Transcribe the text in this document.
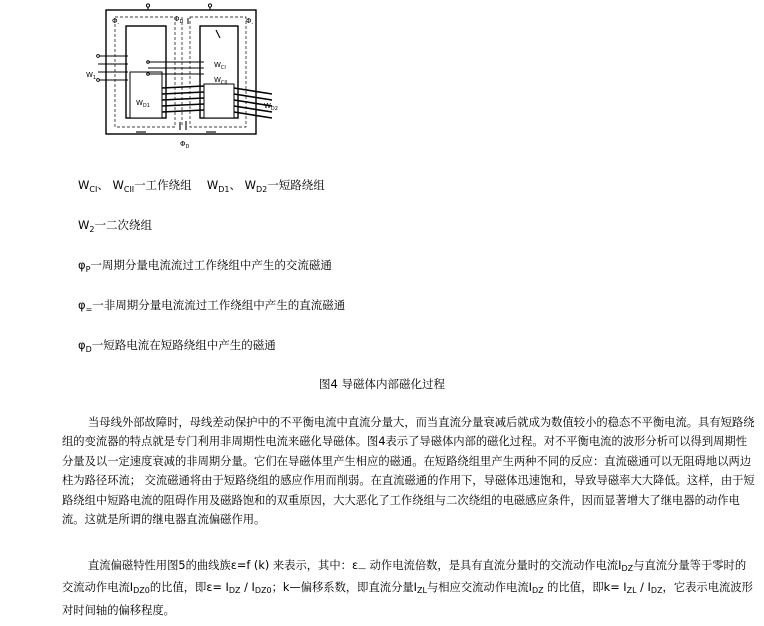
$\Phi_-$
$\Phi_D$	$\Phi_-$
$W_1$
$W_{CI}$
$W_{CII}$
$W_{D1}$	$W_{D2}$
$\Phi_D$
$W_{CI}$、 $W_{CII}$一工作绕组　 $W_{D1}$、 $W_{D2}$一短路绕组
$W_2$一二次绕组
$\varphi_P$一周期分量电流流过工作绕组中产生的交流磁通
$\varphi_=$一非周期分量电流流过工作绕组中产生的直流磁通
$\varphi_D$一短路电流在短路绕组中产生的磁通
图4 导磁体内部磁化过程
当母线外部故障时，母线差动保护中的不平衡电流中直流分量大，而当直流分量衰减后就成为数值较小的稳态不平衡电流。具有短路绕组的变流器的特点就是专门利用非周期性电流来磁化导磁体。图4表示了导磁体内部的磁化过程。对不平衡电流的波形分析可以得到周期性分量及以一定速度衰减的非周期分量。它们在导磁体里产生相应的磁通。在短路绕组里产生两种不同的反应：直流磁通可以无阻碍地以两边柱为路径环流； 交流磁通将由于短路绕组的感应作用而削弱。在直流磁通的作用下，导磁体迅速饱和，导致导磁率大大降低。这样，由于短路绕组中短路电流的阻碍作用及磁路饱和的双重原因，大大恶化了工作绕组与二次绕组的电磁感应条件，因而显著增大了继电器的动作电流。这就是所谓的继电器直流偏磁作用。
直流偏磁特性用图5的曲线族ε=f (k) 来表示，其中：$\varepsilon_—$ 动作电流倍数，是具有直流分量时的交流动作电流$I_{DZ}$与直流分量等于零时的交流动作电流$I_{DZ0}$的比值，即$\varepsilon= I_{DZ} / I_{DZ0}$；k—偏移系数，即直流分量$I_{ZL}$与相应交流动作电流$I_{DZ}$ 的比值，即$k= I_{ZL} / I_{DZ}$，它表示电流波形对时间轴的偏移程度。
